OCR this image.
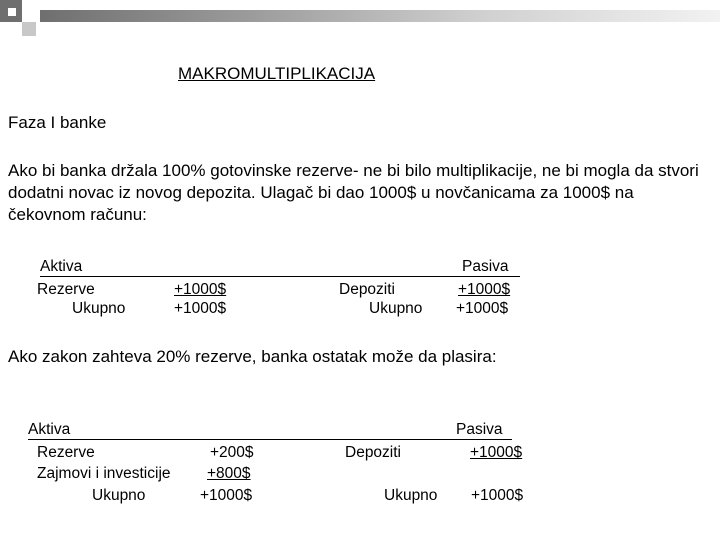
MAKROMULTIPLIKACIJA
Faza I banke
Ako bi banka držala 100% gotovinske rezerve- ne bi bilo multiplikacije, ne bi mogla da stvori dodatni novac iz novog depozita. Ulagač bi dao 1000$ u novčanicama za 1000$ na čekovnom računu:
Aktiva	Pasiva
Rezerve	+1000$	Depoziti	+1000$
Ukupno	+1000$	Ukupno +1000$
Ako zakon zahteva 20% rezerve, banka ostatak može da plasira:
Aktiva	Pasiva
Rezerve	+200$	Depoziti	+1000$
Zajmovi i investicije +800$
Ukupno	+1000$	Ukupno +1000$
